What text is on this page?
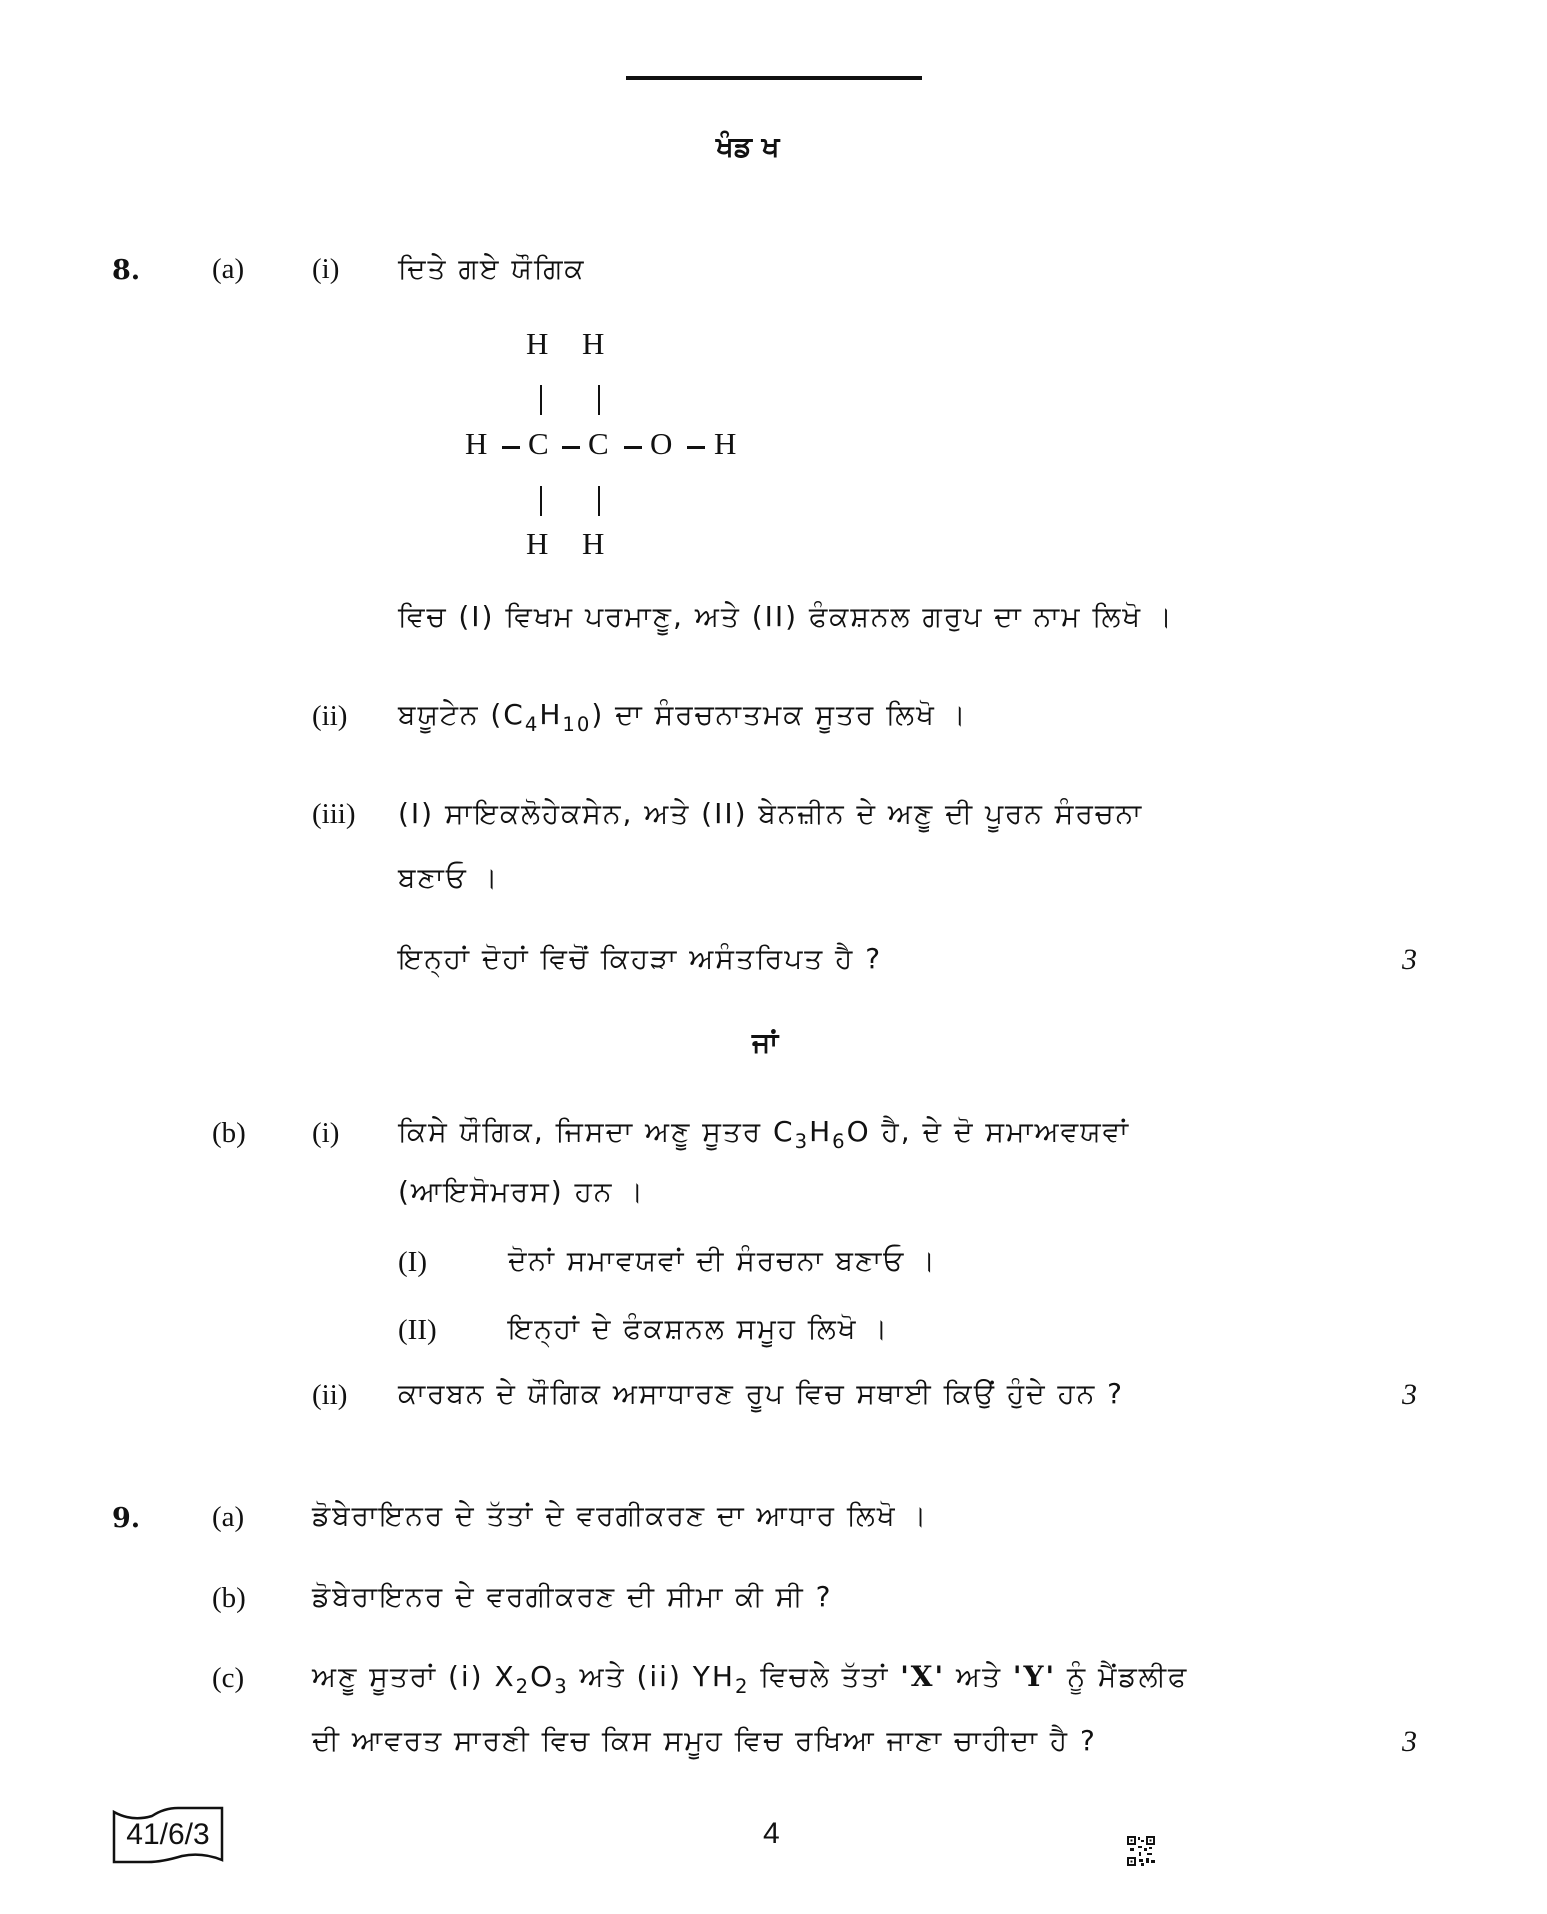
ਖੰਡ ਖ
8. (a) (i) ਦਿਤੇ ਗਏ ਯੌਗਿਕ
H H
H C C O H
H H
ਵਿਚ (I) ਵਿਖਮ ਪਰਮਾਣੂ, ਅਤੇ (II) ਫੰਕਸ਼ਨਲ ਗਰੁਪ ਦਾ ਨਾਮ ਲਿਖੋ ।
(ii) ਬਯੂਟੇਨ $(C_4H_{10})$ ਦਾ ਸੰਰਚਨਾਤਮਕ ਸੂਤਰ ਲਿਖੋ ।
(iii) (I) ਸਾਇਕਲੋਹੇਕਸੇਨ, ਅਤੇ (II) ਬੇਨਜ਼ੀਨ ਦੇ ਅਣੂ ਦੀ ਪੂਰਨ ਸੰਰਚਨਾ
ਬਣਾਓ ।
ਇਨ੍ਹਾਂ ਦੋਹਾਂ ਵਿਚੋਂ ਕਿਹੜਾ ਅਸੰਤਰਿਪਤ ਹੈ ?	3
ਜਾਂ
(b) (i) ਕਿਸੇ ਯੌਗਿਕ, ਜਿਸਦਾ ਅਣੂ ਸੂਤਰ $C_3H_6O$ ਹੈ, ਦੇ ਦੋ ਸਮਾਅਵਯਵਾਂ
(ਆਇਸੋਮਰਸ) ਹਨ ।
(I)	ਦੋਨਾਂ ਸਮਾਵਯਵਾਂ ਦੀ ਸੰਰਚਨਾ ਬਣਾਓ ।
(II)	ਇਨ੍ਹਾਂ ਦੇ ਫੰਕਸ਼ਨਲ ਸਮੂਹ ਲਿਖੋ ।
(ii) ਕਾਰਬਨ ਦੇ ਯੌਗਿਕ ਅਸਾਧਾਰਣ ਰੂਪ ਵਿਚ ਸਥਾਈ ਕਿਉਂ ਹੁੰਦੇ ਹਨ ?	3
9. (a) ਡੋਬੇਰਾਇਨਰ ਦੇ ਤੱਤਾਂ ਦੇ ਵਰਗੀਕਰਣ ਦਾ ਆਧਾਰ ਲਿਖੋ ।
(b) ਡੋਬੇਰਾਇਨਰ ਦੇ ਵਰਗੀਕਰਣ ਦੀ ਸੀਮਾ ਕੀ ਸੀ ?
(c) ਅਣੂ ਸੂਤਰਾਂ (i) $X_2O_3$ ਅਤੇ (ii) $YH_2$ ਵਿਚਲੇ ਤੱਤਾਂ 'X' ਅਤੇ 'Y' ਨੂੰ ਮੈਂਡਲੀਫ
ਦੀ ਆਵਰਤ ਸਾਰਣੀ ਵਿਚ ਕਿਸ ਸਮੂਹ ਵਿਚ ਰਖਿਆ ਜਾਣਾ ਚਾਹੀਦਾ ਹੈ ?	3
41/6/3	4
